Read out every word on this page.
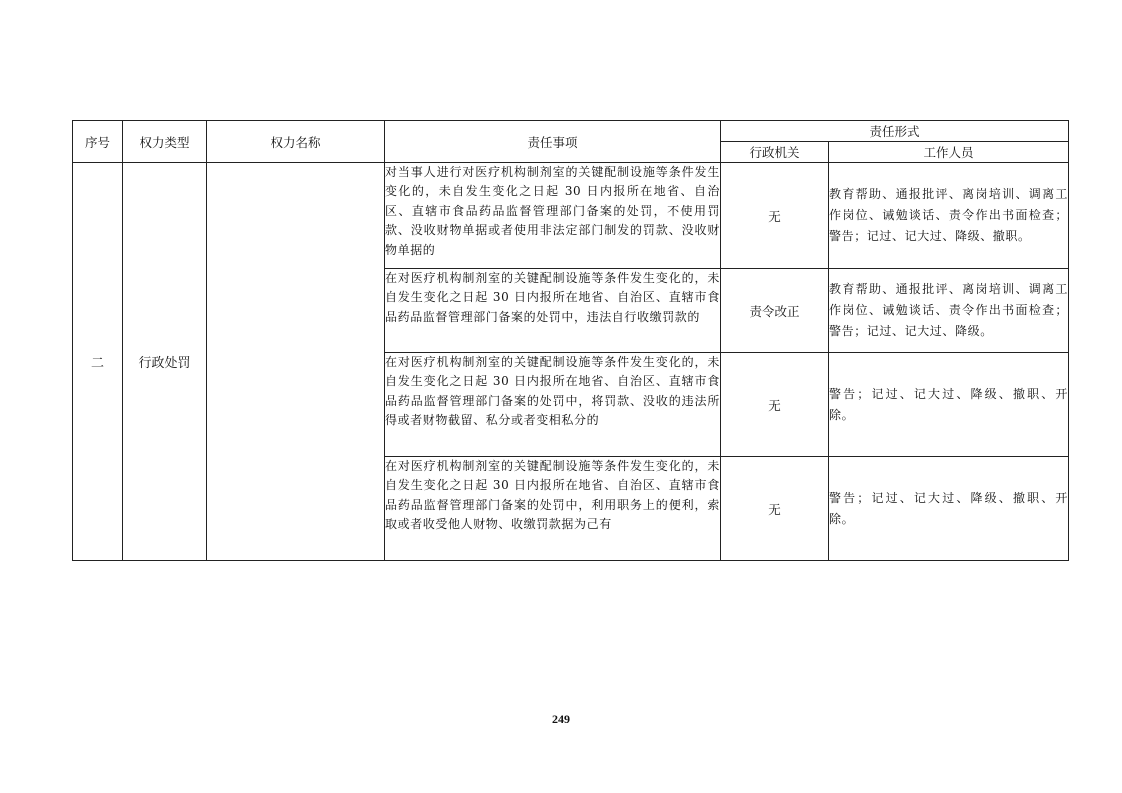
序号	权力类型	权力名称	责任事项	责任形式	
				行政机关	工作人员
二	行政处罚		对当事人进行对医疗机构制剂室的关键配制设施等条件发生变化的，未自发生变化之日起 30 日内报所在地省、自治区、直辖市食品药品监督管理部门备案的处罚，不使用罚款、没收财物单据或者使用非法定部门制发的罚款、没收财物单据的	无	教育帮助、通报批评、离岗培训、调离工作岗位、诫勉谈话、责令作出书面检查；警告；记过、记大过、降级、撤职。
			在对医疗机构制剂室的关键配制设施等条件发生变化的，未自发生变化之日起 30 日内报所在地省、自治区、直辖市食品药品监督管理部门备案的处罚中，违法自行收缴罚款的	责令改正	教育帮助、通报批评、离岗培训、调离工作岗位、诫勉谈话、责令作出书面检查；警告；记过、记大过、降级。
			在对医疗机构制剂室的关键配制设施等条件发生变化的，未自发生变化之日起 30 日内报所在地省、自治区、直辖市食品药品监督管理部门备案的处罚中，将罚款、没收的违法所得或者财物截留、私分或者变相私分的	无	警告；记过、记大过、降级、撤职、开除。
			在对医疗机构制剂室的关键配制设施等条件发生变化的，未自发生变化之日起 30 日内报所在地省、自治区、直辖市食品药品监督管理部门备案的处罚中，利用职务上的便利，索取或者收受他人财物、收缴罚款据为己有	无	警告；记过、记大过、降级、撤职、开除。
249
